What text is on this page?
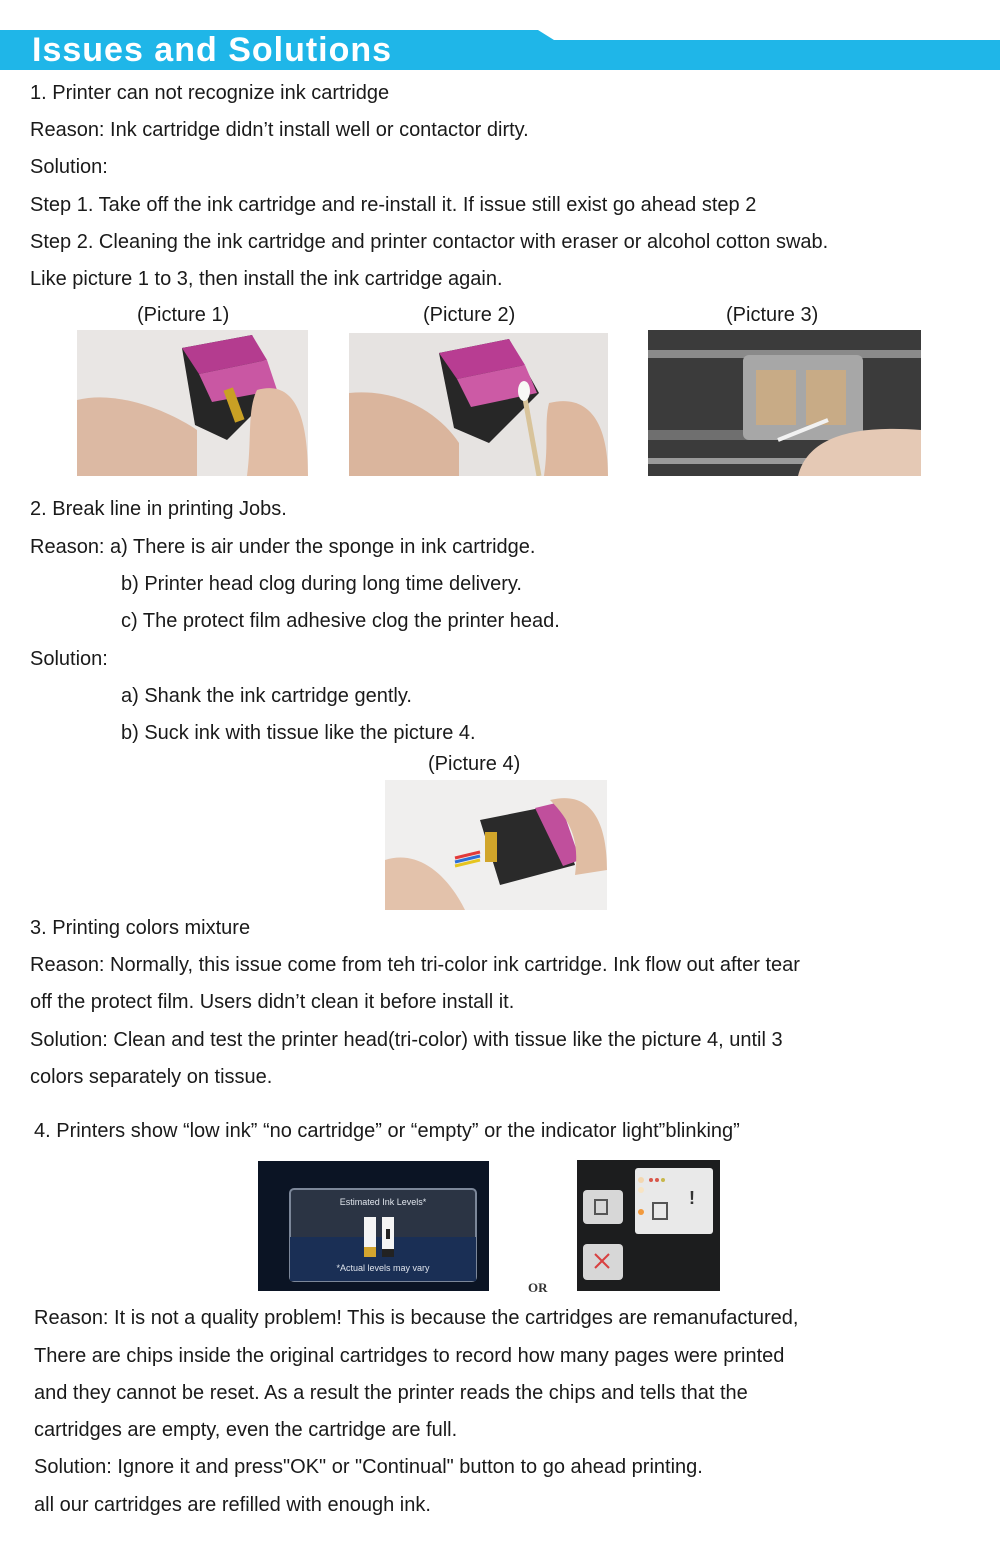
Issues and Solutions
1. Printer can not recognize ink cartridge
Reason: Ink cartridge didn’t install well or contactor dirty.
Solution:
Step 1. Take off the ink cartridge and re-install it. If issue still exist go ahead step 2
Step 2. Cleaning the ink cartridge and printer contactor with eraser or alcohol cotton swab.
Like picture 1 to 3, then install the ink cartridge again.
(Picture 1)	(Picture 2)	(Picture 3)
2. Break line in printing Jobs.
Reason: a) There is air under the sponge in ink cartridge.
b) Printer head clog during long time delivery.
c) The protect film adhesive clog the printer head.
Solution:
a) Shank the ink cartridge gently.
b) Suck ink with tissue like the picture 4.
(Picture 4)
3. Printing colors mixture
Reason: Normally, this issue come from teh tri-color ink cartridge. Ink flow out after tear
off the protect film. Users didn’t clean it before install it.
Solution: Clean and test the printer head(tri-color) with tissue like the picture 4, until 3
colors separately on tissue.
4. Printers show “low ink” “no cartridge” or “empty” or the indicator light”blinking”
Estimated Ink Levels*
*Actual levels may vary
OR
!
Reason: It is not a quality problem! This is because the cartridges are remanufactured,
There are chips inside the original cartridges to record how many pages were printed
and they cannot be reset. As a result the printer reads the chips and tells that the
cartridges are empty, even the cartridge are full.
Solution: Ignore it and press"OK" or "Continual" button to go ahead printing.
all our cartridges are refilled with enough ink.
